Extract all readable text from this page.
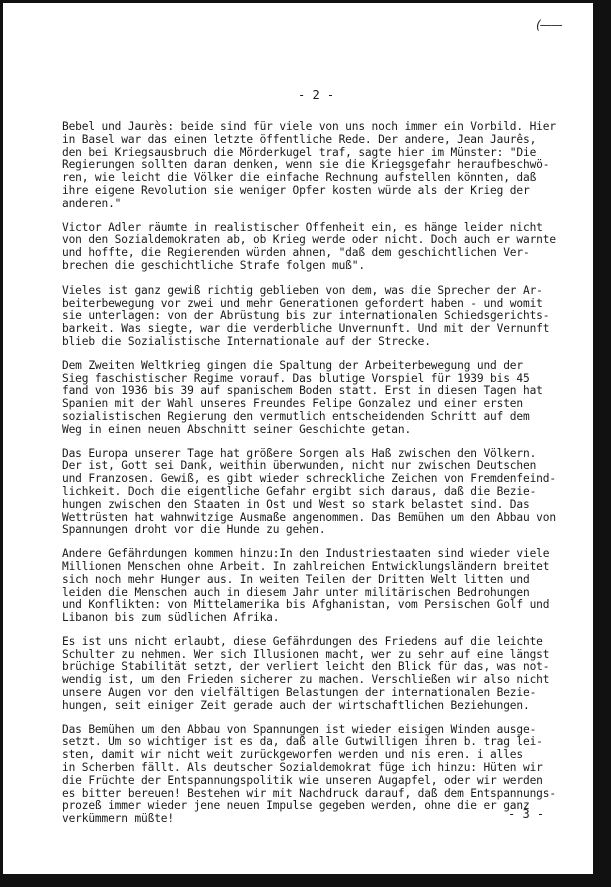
(——
- 2 -

Bebel und Jaurès: beide sind für viele von uns noch immer ein Vorbild. Hier
in Basel war das einen letzte öffentliche Rede. Der andere, Jean Jaurês,
den bei Kriegsausbruch die Mörderkugel traf, sagte hier im Münster: "Die
Regierungen sollten daran denken, wenn sie die Kriegsgefahr heraufbeschwö-
ren, wie leicht die Völker die einfache Rechnung aufstellen könnten, daß
ihre eigene Revolution sie weniger Opfer kosten würde als der Krieg der
anderen."

Victor Adler räumte in realistischer Offenheit ein, es hänge leider nicht
von den Sozialdemokraten ab, ob Krieg werde oder nicht. Doch auch er warnte
und hoffte, die Regierenden würden ahnen, "daß dem geschichtlichen Ver-
brechen die geschichtliche Strafe folgen muß".

Vieles ist ganz gewiß richtig geblieben von dem, was die Sprecher der Ar-
beiterbewegung vor zwei und mehr Generationen gefordert haben - und womit
sie unterlagen: von der Abrüstung bis zur internationalen Schiedsgerichts-
barkeit. Was siegte, war die verderbliche Unvernunft. Und mit der Vernunft
blieb die Sozialistische Internationale auf der Strecke.

Dem Zweiten Weltkrieg gingen die Spaltung der Arbeiterbewegung und der
Sieg faschistischer Regime vorauf. Das blutige Vorspiel für 1939 bis 45
fand von 1936 bis 39 auf spanischem Boden statt. Erst in diesen Tagen hat
Spanien mit der Wahl unseres Freundes Felipe Gonzalez und einer ersten
sozialistischen Regierung den vermutlich entscheidenden Schritt auf dem
Weg in einen neuen Abschnitt seiner Geschichte getan.

Das Europa unserer Tage hat größere Sorgen als Haß zwischen den Völkern.
Der ist, Gott sei Dank, weithin überwunden, nicht nur zwischen Deutschen
und Franzosen. Gewiß, es gibt wieder schreckliche Zeichen von Fremdenfeind-
lichkeit. Doch die eigentliche Gefahr ergibt sich daraus, daß die Bezie-
hungen zwischen den Staaten in Ost und West so stark belastet sind. Das
Wettrüsten hat wahnwitzige Ausmaße angenommen. Das Bemühen um den Abbau von
Spannungen droht vor die Hunde zu gehen.

Andere Gefährdungen kommen hinzu:In den Industriestaaten sind wieder viele
Millionen Menschen ohne Arbeit. In zahlreichen Entwicklungsländern breitet
sich noch mehr Hunger aus. In weiten Teilen der Dritten Welt litten und
leiden die Menschen auch in diesem Jahr unter militärischen Bedrohungen
und Konflikten: von Mittelamerika bis Afghanistan, vom Persischen Golf und
Libanon bis zum südlichen Afrika.

Es ist uns nicht erlaubt, diese Gefährdungen des Friedens auf die leichte
Schulter zu nehmen. Wer sich Illusionen macht, wer zu sehr auf eine längst
brüchige Stabilität setzt, der verliert leicht den Blick für das, was not-
wendig ist, um den Frieden sicherer zu machen. Verschließen wir also nicht
unsere Augen vor den vielfältigen Belastungen der internationalen Bezie-
hungen, seit einiger Zeit gerade auch der wirtschaftlichen Beziehungen.

Das Bemühen um den Abbau von Spannungen ist wieder eisigen Winden ausge-
setzt. Um so wichtiger ist es da, daß alle Gutwilligen ihren b. trag lei-
sten, damit wir nicht weit zurückgeworfen werden und nis eren. i alles
in Scherben fällt. Als deutscher Sozialdemokrat füge ich hinzu: Hüten wir
die Früchte der Entspannungspolitik wie unseren Augapfel, oder wir werden
es bitter bereuen! Bestehen wir mit Nachdruck darauf, daß dem Entspannungs-
prozeß immer wieder jene neuen Impulse gegeben werden, ohne die er ganz
verkümmern müßte!	- 3 -
